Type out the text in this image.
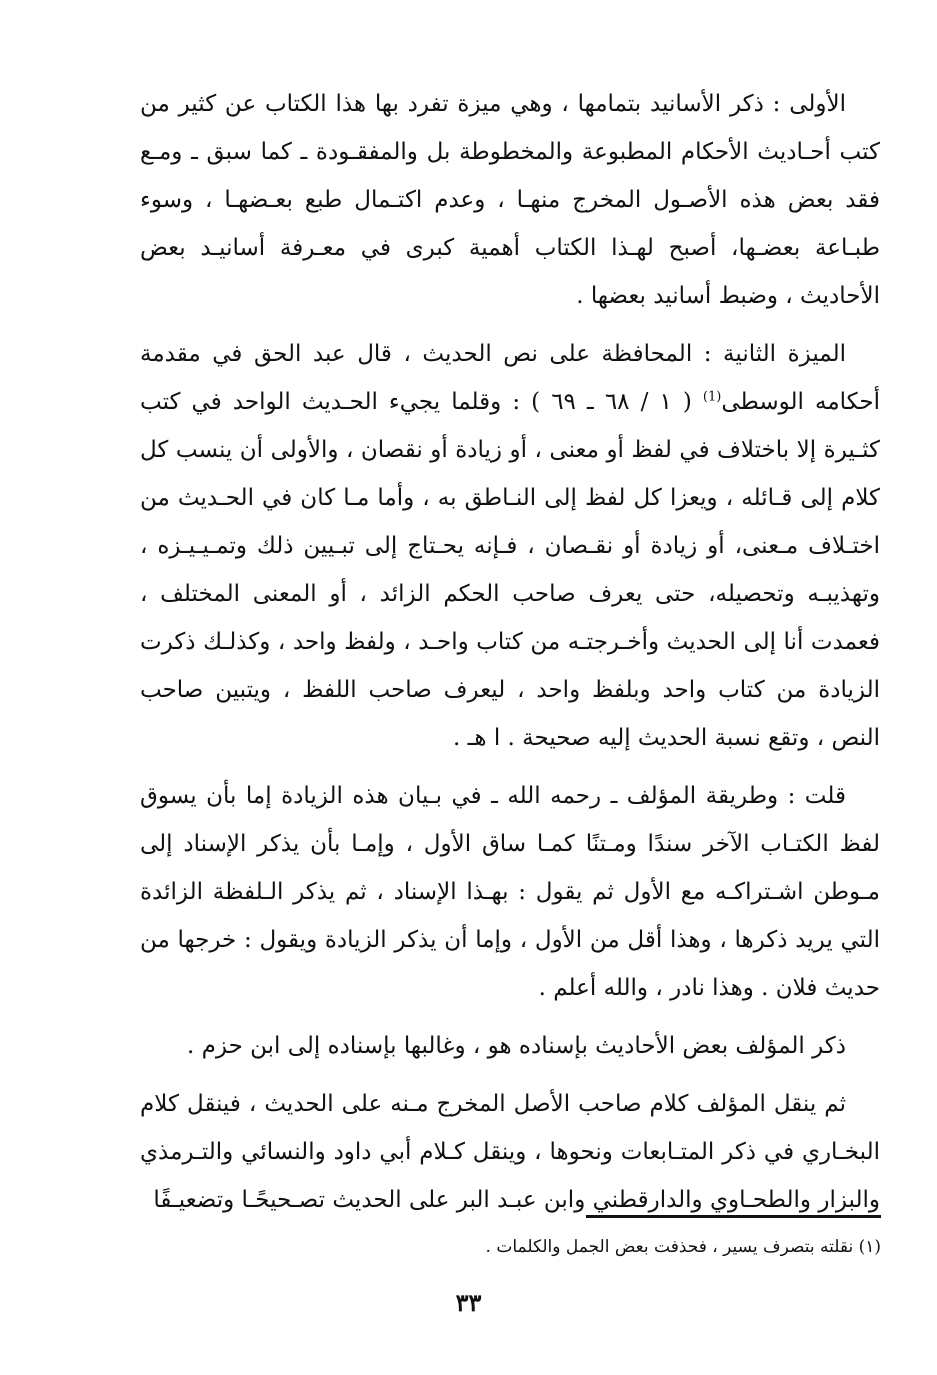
الأولى : ذكر الأسانيد بتمامها ، وهي ميزة تفرد بها هذا الكتاب عن كثير من كتب أحـاديث الأحكام المطبوعة والمخطوطة بل والمفقـودة ـ كما سبق ـ ومـع فقد بعض هذه الأصـول المخرج منهـا ، وعدم اكتـمال طبع بعـضهـا ، وسوء طبـاعة بعضـها، أصبح لهـذا الكتاب أهمية كبرى في معـرفة أسانيـد بعض الأحاديث ، وضبط أسانيد بعضها .

الميزة الثانية : المحافظة على نص الحديث ، قال عبد الحق في مقدمة أحكامه الوسطى$^{(1)}$ ( ١ / ٦٨ ـ ٦٩ ) : وقلما يجيء الحـديث الواحد في كتب كثـيرة إلا باختلاف في لفظ أو معنى ، أو زيادة أو نقصان ، والأولى أن ينسب كل كلام إلى قـائله ، ويعزا كل لفظ إلى النـاطق به ، وأما مـا كان في الحـديث من اختـلاف مـعنى، أو زيادة أو نقـصان ، فـإنه يحـتاج إلى تبـيين ذلك وتمـيـيـزه ، وتهذيبـه وتحصيله، حتى يعرف صاحب الحكم الزائد ، أو المعنى المختلف ، فعمدت أنا إلى الحديث وأخـرجتـه من كتاب واحـد ، ولفظ واحد ، وكذلـك ذكرت الزيادة من كتاب واحد وبلفظ واحد ، ليعرف صاحب اللفظ ، ويتبين صاحب النص ، وتقع نسبة الحديث إليه صحيحة . ا هـ .

قلت : وطريقة المؤلف ـ رحمه الله ـ في بـيان هذه الزيادة إما بأن يسوق لفظ الكتـاب الآخر سندًا ومـتنًا كمـا ساق الأول ، وإمـا بأن يذكر الإسناد إلى مـوطن اشـتراكـه مع الأول ثم يقول : بهـذا الإسناد ، ثم يذكر الـلفظة الزائدة التي يريد ذكرها ، وهذا أقل من الأول ، وإما أن يذكر الزيادة ويقول : خرجها من حديث فلان . وهذا نادر ، والله أعلم .

ذكر المؤلف بعض الأحاديث بإسناده هو ، وغالبها بإسناده إلى ابن حزم .

ثم ينقل المؤلف كلام صاحب الأصل المخرج مـنه على الحديث ، فينقل كلام البخـاري في ذكر المتـابعات ونحوها ، وينقل كـلام أبي داود والنسائي والتـرمذي والبزار والطحـاوي والدارقطني وابن عبـد البر على الحديث تصـحيحًـا وتضعيـفًا

(١) نقلته بتصرف يسير ، فحذفت بعض الجمل والكلمات .
٣٣
